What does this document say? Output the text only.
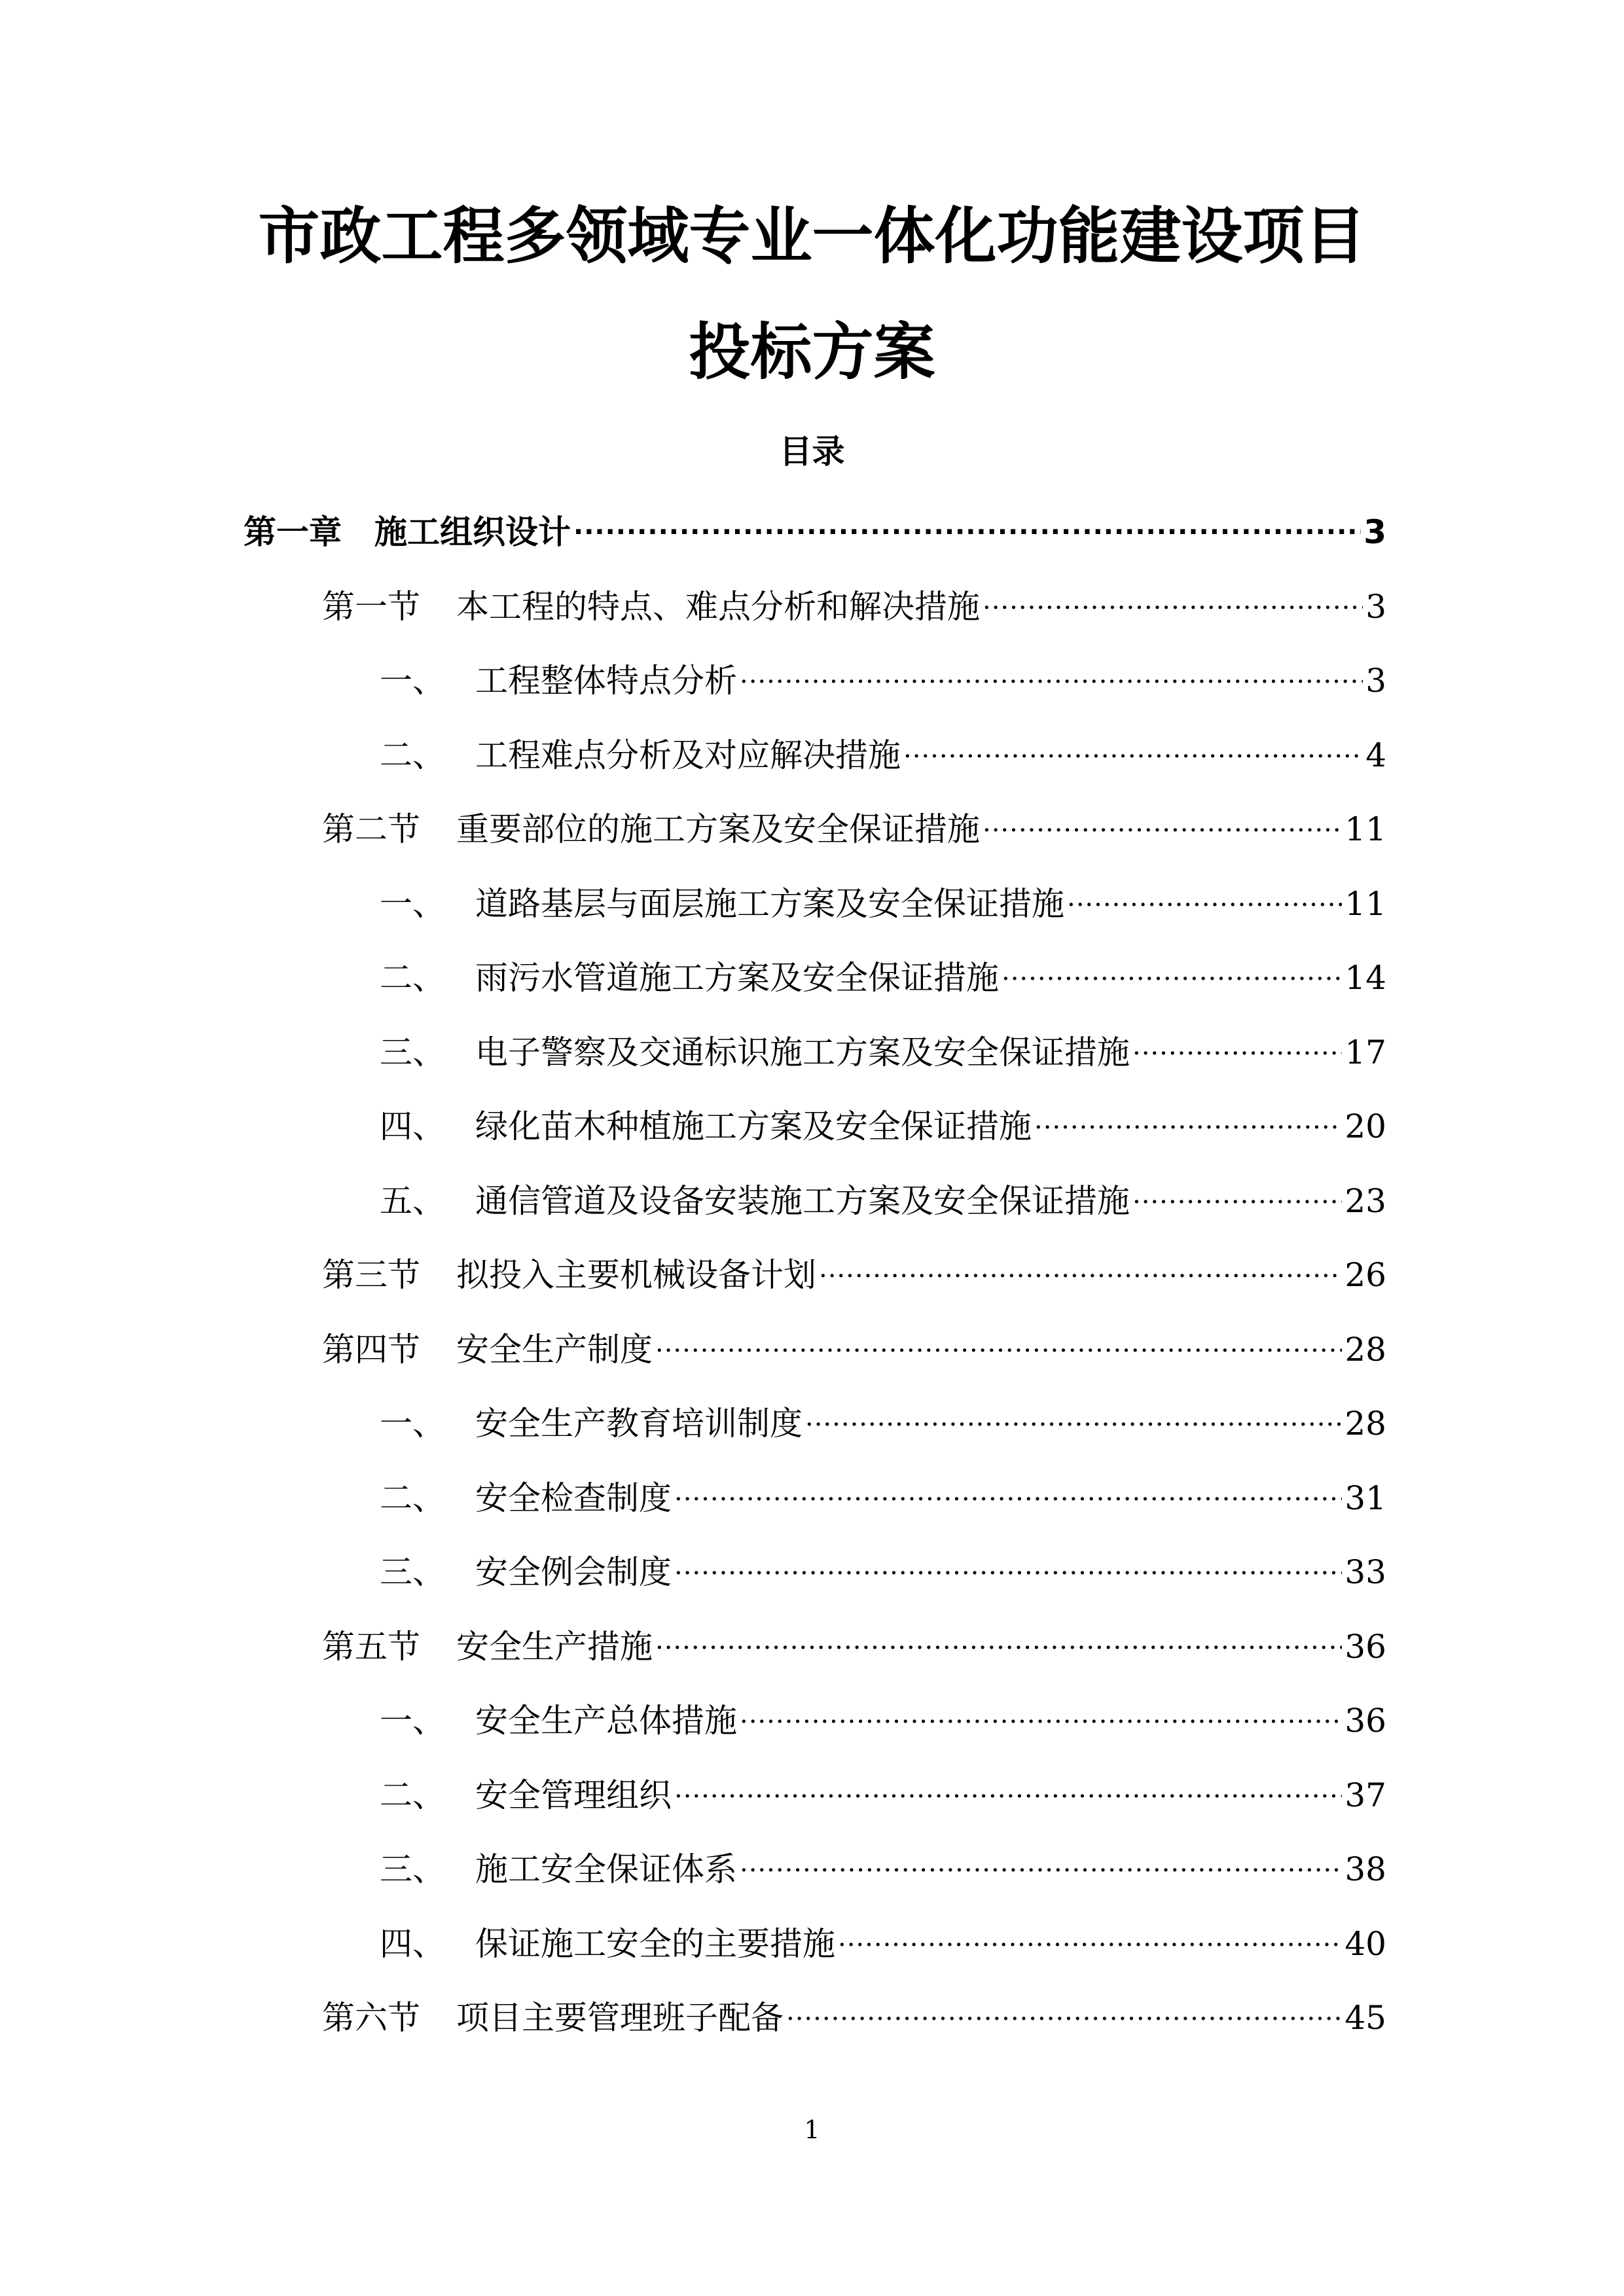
市政工程多领域专业一体化功能建设项目
投标方案
目录
第一章	施工组织设计 .....	3
第一节	本工程的特点、难点分析和解决措施 .....	3
一、 工程整体特点分析 .....	3
二、 工程难点分析及对应解决措施 .....	4
第二节	重要部位的施工方案及安全保证措施 .....	11
一、 道路基层与面层施工方案及安全保证措施 .....	11
二、 雨污水管道施工方案及安全保证措施 .....	14
三、 电子警察及交通标识施工方案及安全保证措施 .....	17
四、 绿化苗木种植施工方案及安全保证措施 .....	20
五、 通信管道及设备安装施工方案及安全保证措施 .....	23
第三节	拟投入主要机械设备计划 .....	26
第四节	安全生产制度 .....	28
一、 安全生产教育培训制度 .....	28
二、 安全检查制度 .....	31
三、 安全例会制度 .....	33
第五节	安全生产措施 .....	36
一、 安全生产总体措施 .....	36
二、 安全管理组织 .....	37
三、 施工安全保证体系 .....	38
四、 保证施工安全的主要措施 .....	40
第六节	项目主要管理班子配备 .....	45
1
